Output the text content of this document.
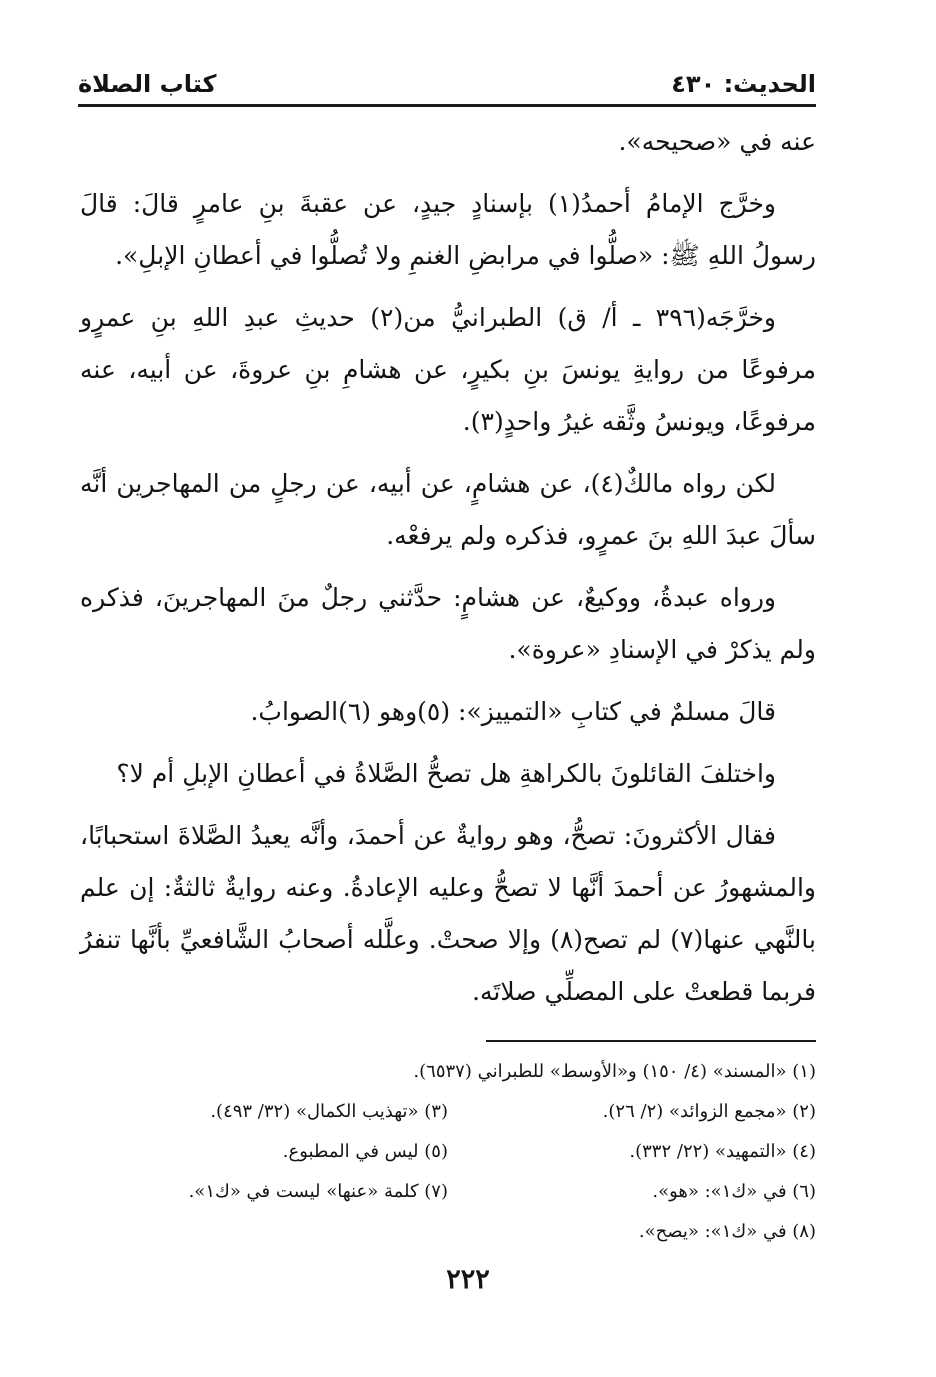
الحديث: ٤٣٠
كتاب الصلاة

عنه في «صحيحه».

وخرَّج الإمامُ أحمدُ(١) بإسنادٍ جيدٍ، عن عقبةَ بنِ عامرٍ قالَ: قالَ رسولُ اللهِ ﷺ: «صلُّوا في مرابضِ الغنمِ ولا تُصلُّوا في أعطانِ الإبلِ».

وخرَّجَه(٣٩٦ ـ أ/ ق) الطبرانيُّ من(٢) حديثِ عبدِ اللهِ بنِ عمرٍو مرفوعًا من روايةِ يونسَ بنِ بكيرٍ، عن هشامِ بنِ عروةَ، عن أبيه، عنه مرفوعًا، ويونسُ وثَّقه غيرُ واحدٍ(٣).

لكن رواه مالكٌ(٤)، عن هشامٍ، عن أبيه، عن رجلٍ من المهاجرين أنَّه سألَ عبدَ اللهِ بنَ عمرٍو، فذكره ولم يرفعْه.

ورواه عبدةُ، ووكيعٌ، عن هشامٍ: حدَّثني رجلٌ منَ المهاجرينَ، فذكره ولم يذكرْ في الإسنادِ «عروة».

قالَ مسلمٌ في كتابِ «التمييز»: (٥)وهو (٦)الصوابُ.

واختلفَ القائلونَ بالكراهةِ هل تصحُّ الصَّلاةُ في أعطانِ الإبلِ أم لا؟

فقال الأكثرونَ: تصحُّ، وهو روايةٌ عن أحمدَ، وأنَّه يعيدُ الصَّلاةَ استحبابًا، والمشهورُ عن أحمدَ أنَّها لا تصحُّ وعليه الإعادةُ. وعنه روايةٌ ثالثةٌ: إن علم بالنَّهي عنها(٧) لم تصح(٨) وإلا صحتْ. وعلَّله أصحابُ الشَّافعيِّ بأنَّها تنفرُ فربما قطعتْ على المصلِّي صلاتَه.

(١) «المسند» (٤/ ١٥٠) و«الأوسط» للطبراني (٦٥٣٧).
(٢) «مجمع الزوائد» (٢/ ٢٦).
(٣) «تهذيب الكمال» (٣٢/ ٤٩٣).
(٤) «التمهيد» (٢٢/ ٣٣٢).
(٥) ليس في المطبوع.
(٦) في «ك١»: «هو».
(٧) كلمة «عنها» ليست في «ك١».
(٨) في «ك١»: «يصح».
٢٢٢
